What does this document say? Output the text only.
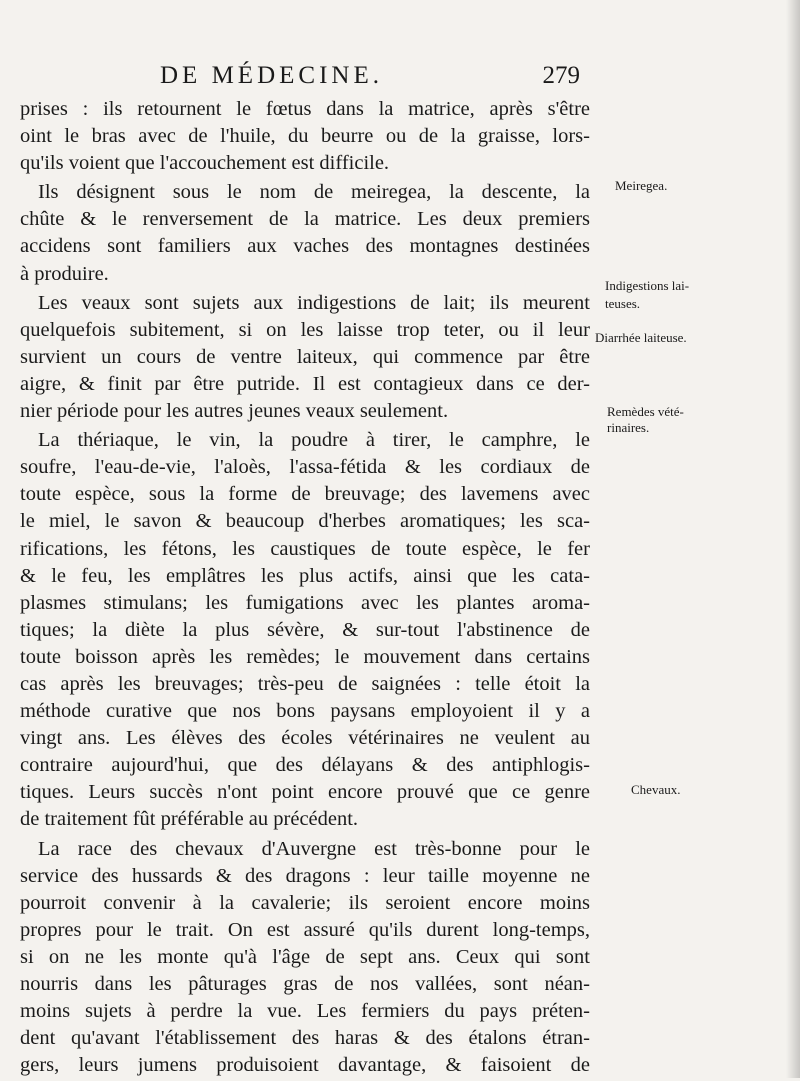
DE MÉDECINE.	279
prises : ils retournent le fœtus dans la matrice, après s'être
oint le bras avec de l'huile, du beurre ou de la graisse, lors-
qu'ils voient que l'accouchement est difficile.
Ils désignent sous le nom de meiregea, la descente, la
chûte & le renversement de la matrice. Les deux premiers
accidens sont familiers aux vaches des montagnes destinées
à produire.
Les veaux sont sujets aux indigestions de lait; ils meurent
quelquefois subitement, si on les laisse trop teter, ou il leur
survient un cours de ventre laiteux, qui commence par être
aigre, & finit par être putride. Il est contagieux dans ce der-
nier période pour les autres jeunes veaux seulement.
La thériaque, le vin, la poudre à tirer, le camphre, le
soufre, l'eau-de-vie, l'aloès, l'assa-fétida & les cordiaux de
toute espèce, sous la forme de breuvage; des lavemens avec
le miel, le savon & beaucoup d'herbes aromatiques; les sca-
rifications, les fétons, les caustiques de toute espèce, le fer
& le feu, les emplâtres les plus actifs, ainsi que les cata-
plasmes stimulans; les fumigations avec les plantes aroma-
tiques; la diète la plus sévère, & sur-tout l'abstinence de
toute boisson après les remèdes; le mouvement dans certains
cas après les breuvages; très-peu de saignées : telle étoit la
méthode curative que nos bons paysans employoient il y a
vingt ans. Les élèves des écoles vétérinaires ne veulent au
contraire aujourd'hui, que des délayans & des antiphlogis-
tiques. Leurs succès n'ont point encore prouvé que ce genre
de traitement fût préférable au précédent.
La race des chevaux d'Auvergne est très-bonne pour le
service des hussards & des dragons : leur taille moyenne ne
pourroit convenir à la cavalerie; ils seroient encore moins
propres pour le trait. On est assuré qu'ils durent long-temps,
si on ne les monte qu'à l'âge de sept ans. Ceux qui sont
nourris dans les pâturages gras de nos vallées, sont néan-
moins sujets à perdre la vue. Les fermiers du pays préten-
dent qu'avant l'établissement des haras & des étalons étran-
gers, leurs jumens produisoient davantage, & faisoient de
Meiregea.
Indigestions lai-
teuses.
Diarrhée laiteuse.
Remèdes vété-
rinaires.
Chevaux.
